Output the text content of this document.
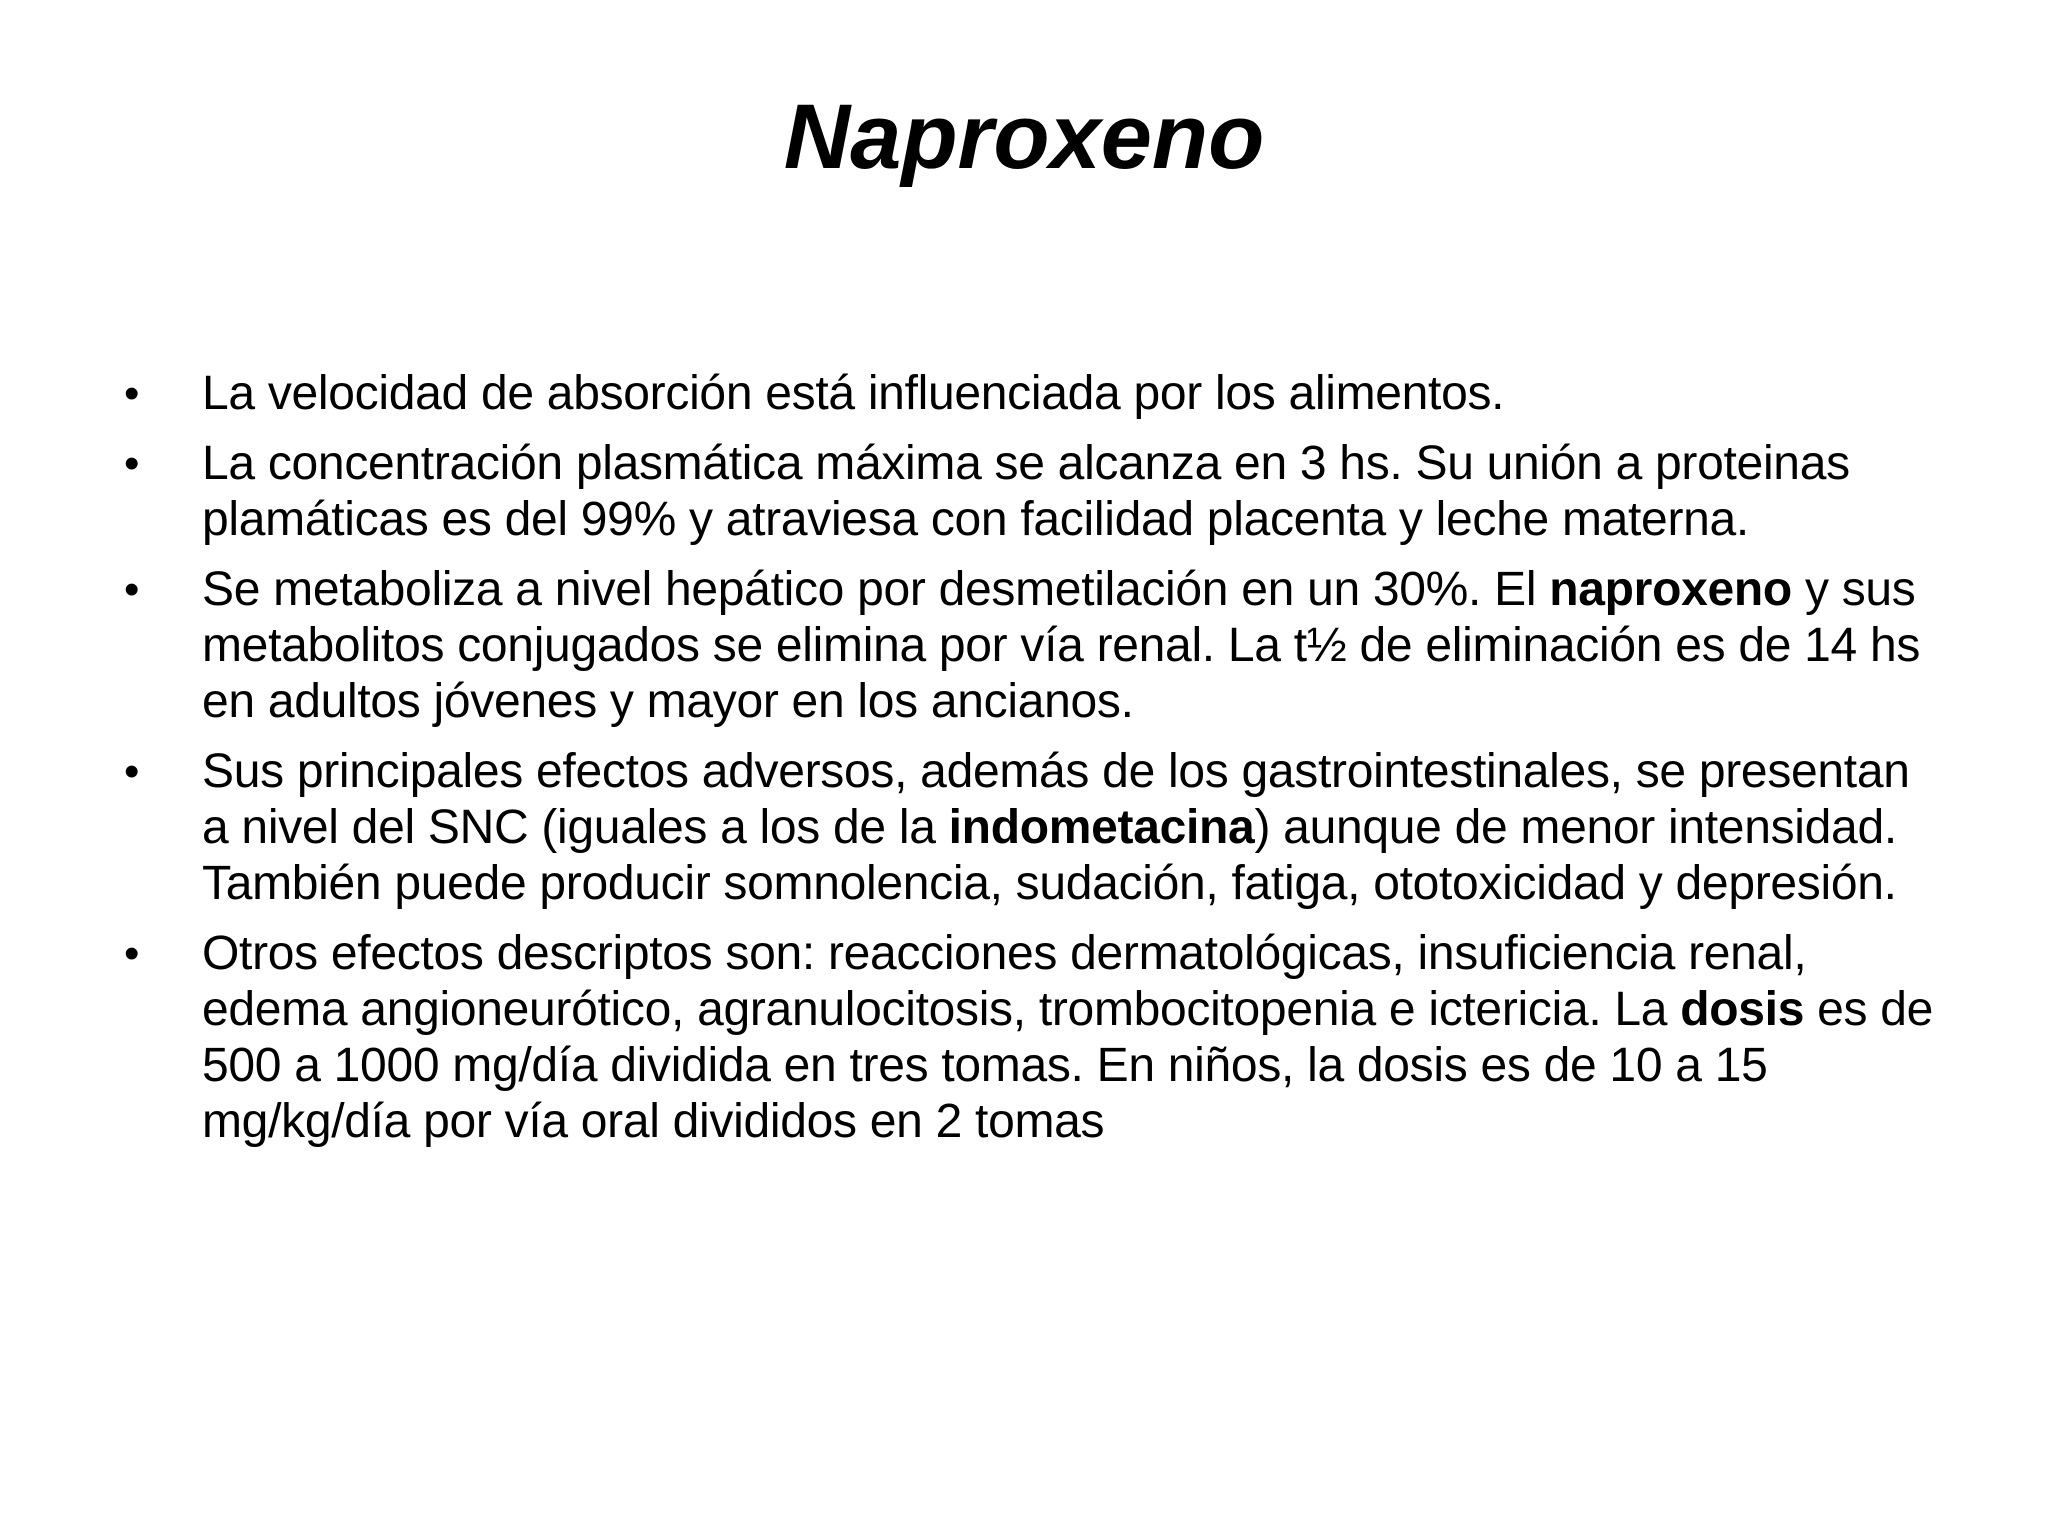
Naproxeno
• La velocidad de absorción está influenciada por los alimentos.
• La concentración plasmática máxima se alcanza en 3 hs. Su unión a proteinas plamáticas es del 99% y atraviesa con facilidad placenta y leche materna.
• Se metaboliza a nivel hepático por desmetilación en un 30%. El naproxeno y sus metabolitos conjugados se elimina por vía renal. La t½ de eliminación es de 14 hs en adultos jóvenes y mayor en los ancianos.
• Sus principales efectos adversos, además de los gastrointestinales, se presentan a nivel del SNC (iguales a los de la indometacina) aunque de menor intensidad. También puede producir somnolencia, sudación, fatiga, ototoxicidad y depresión.
• Otros efectos descriptos son: reacciones dermatológicas, insuficiencia renal, edema angioneurótico, agranulocitosis, trombocitopenia e ictericia. La dosis es de 500 a 1000 mg/día dividida en tres tomas. En niños, la dosis es de 10 a 15 mg/kg/día por vía oral divididos en 2 tomas
